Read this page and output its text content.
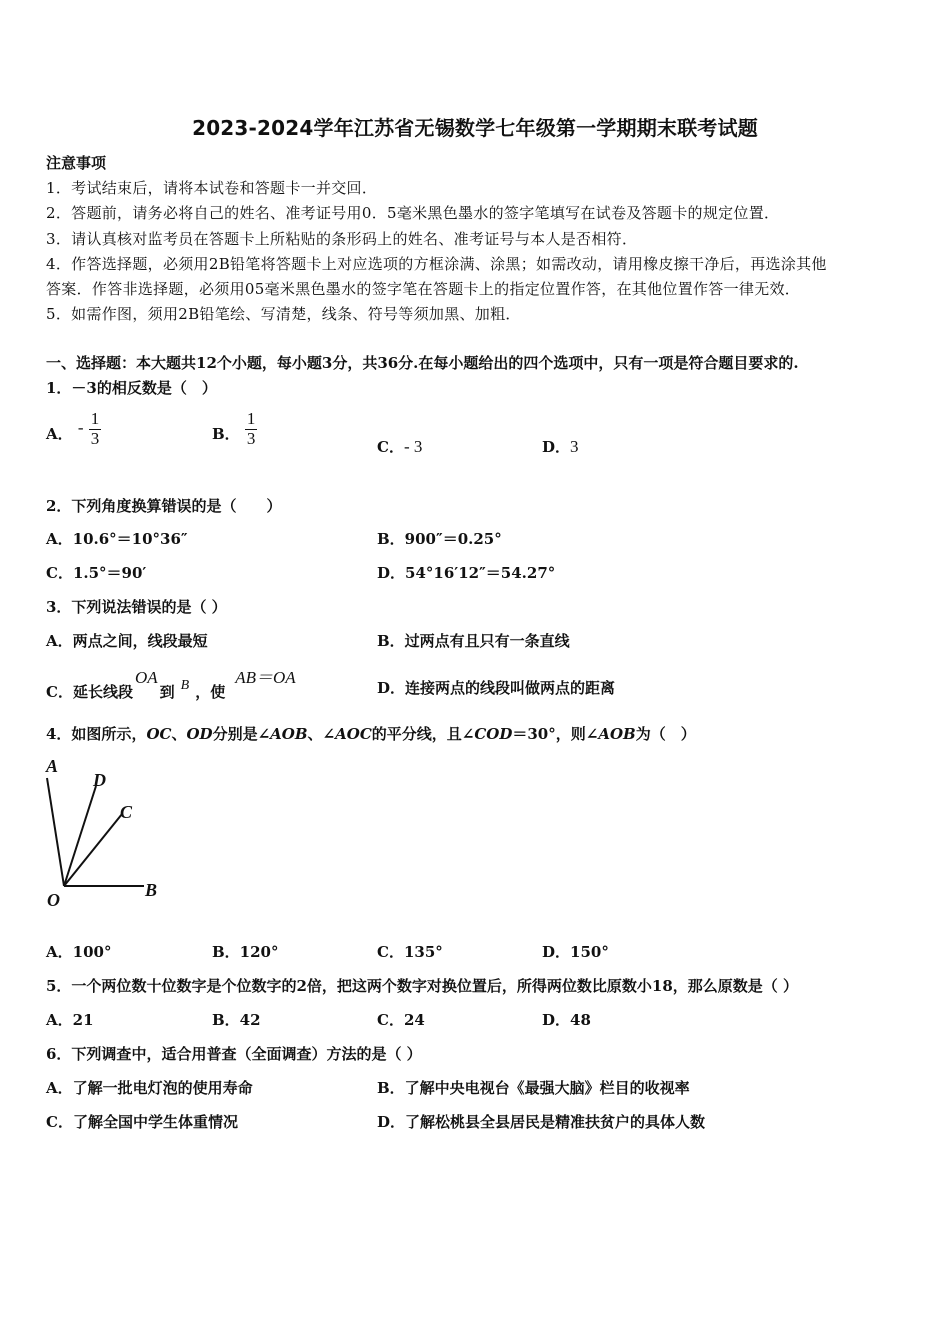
2023-2024学年江苏省无锡数学七年级第一学期期末联考试题
注意事项
1．考试结束后，请将本试卷和答题卡一并交回．
2．答题前，请务必将自己的姓名、准考证号用0．5毫米黑色墨水的签字笔填写在试卷及答题卡的规定位置．
3．请认真核对监考员在答题卡上所粘贴的条形码上的姓名、准考证号与本人是否相符．
4．作答选择题，必须用2B铅笔将答题卡上对应选项的方框涂满、涂黑；如需改动，请用橡皮擦干净后，再选涂其他
答案．作答非选择题，必须用05毫米黑色墨水的签字笔在答题卡上的指定位置作答，在其他位置作答一律无效．
5．如需作图，须用2B铅笔绘、写清楚，线条、符号等须加黑、加粗．
一、选择题：本大题共12个小题，每小题3分，共36分.在每小题给出的四个选项中，只有一项是符合题目要求的.
1．－3的相反数是（　）
A． - $\frac{1}{3}$	B． $\frac{1}{3}$	C．- 3	D．3
2．下列角度换算错误的是（　　）
A．10.6°＝10°36″	B．900″＝0.25°
C．1.5°＝90′	D．54°16′12″＝54.27°
3．下列说法错误的是（ ）
A．两点之间，线段最短	B．过两点有且只有一条直线
C．延长线段OA到 B ，使AB＝OA
D．连接两点的线段叫做两点的距离
4．如图所示，OC、OD分别是∠AOB、∠AOC的平分线，且∠COD＝30°，则∠AOB为（　）
A
D
C
O	B
A．100°	B．120°	C．135°	D．150°
5．一个两位数十位数字是个位数字的2倍，把这两个数字对换位置后，所得两位数比原数小18，那么原数是（ ）
A．21	B．42	C．24	D．48
6．下列调查中，适合用普查（全面调查）方法的是（ ）
A．了解一批电灯泡的使用寿命	B．了解中央电视台《最强大脑》栏目的收视率
C．了解全国中学生体重情况	D．了解松桃县全县居民是精准扶贫户的具体人数
